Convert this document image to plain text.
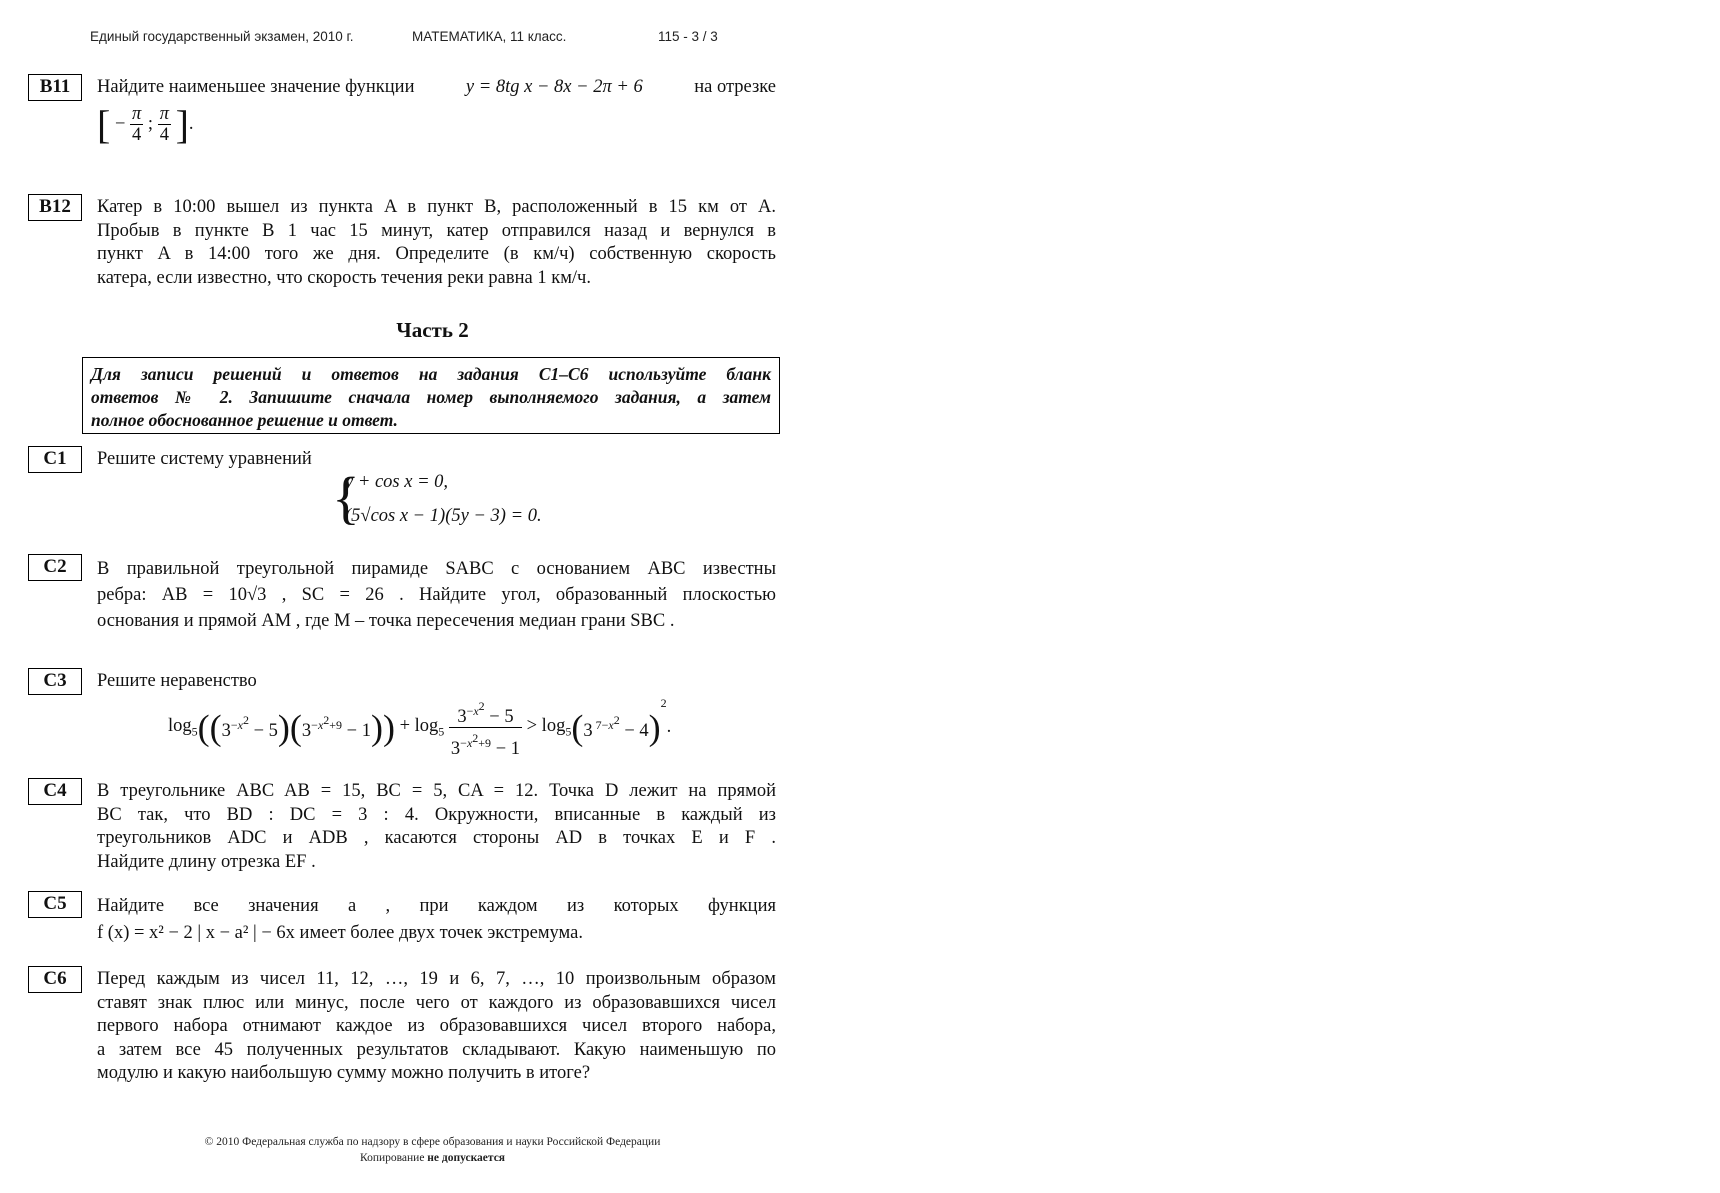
Единый государственный экзамен, 2010 г.	МАТЕМАТИКА, 11 класс.	115 - 3 / 3
B11	Найдите наименьшее значение функции	y = 8tg x − 8x − 2π + 6	на отрезке
[ − $\frac{\pi}{4}$ ; $\frac{\pi}{4}$ ].
B12	Катер в 10:00 вышел из пункта A в пункт B, расположенный в 15 км от A.
Пробыв в пункте B 1 час 15 минут, катер отправился назад и вернулся в
пункт A в 14:00 того же дня. Определите (в км/ч) собственную скорость
катера, если известно, что скорость течения реки равна 1 км/ч.
Часть 2
Для записи решений и ответов на задания С1–С6 используйте бланк
ответов № 2. Запишите сначала номер выполняемого задания, а затем
полное обоснованное решение и ответ.
C1	Решите систему уравнений
{
y + cos x = 0,
(5√cos x − 1)(5y − 3) = 0.
C2	В правильной треугольной пирамиде SABC с основанием ABC известны
ребра: AB = 10√3 , SC = 26 . Найдите угол, образованный плоскостью
основания и прямой AM , где M – точка пересечения медиан грани SBC .
C3	Решите неравенство
$\log_5((3^{-x^2} - 5)(3^{-x^2+9} - 1)) + \log_5 \frac{3^{-x^2} - 5}{3^{-x^2+9} - 1} > \log_5(3$ $^{7-x^2}$ − 4)$^2$.
C4	В треугольнике ABC AB = 15, BC = 5, CA = 12. Точка D лежит на прямой
BC так, что BD : DC = 3 : 4. Окружности, вписанные в каждый из
треугольников ADC и ADB , касаются стороны AD в точках E и F .
Найдите длину отрезка EF .
C5	Найдите все значения a , при каждом из которых функция
f (x) = x² − 2 | x − a² | − 6x имеет более двух точек экстремума.
C6	Перед каждым из чисел 11, 12, …, 19 и 6, 7, …, 10 произвольным образом
ставят знак плюс или минус, после чего от каждого из образовавшихся чисел
первого набора отнимают каждое из образовавшихся чисел второго набора,
а затем все 45 полученных результатов складывают. Какую наименьшую по
модулю и какую наибольшую сумму можно получить в итоге?
© 2010 Федеральная служба по надзору в сфере образования и науки Российской Федерации
Копирование не допускается
